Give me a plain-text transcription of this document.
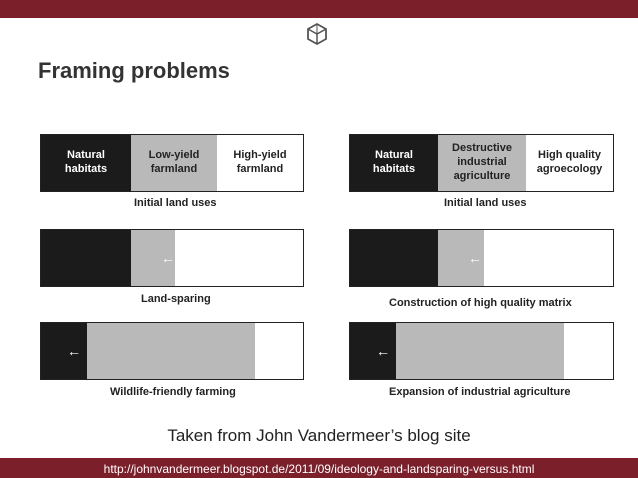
Framing problems
Natural
habitats
Low-yield
farmland
High-yield
farmland
Initial land uses
←
Land-sparing
←
Wildlife-friendly farming
Natural
habitats
Destructive
industrial
agriculture
High quality
agroecology
Initial land uses
←
Construction of high quality matrix
←
Expansion of industrial agriculture
Taken from John Vandermeer’s blog site
http://johnvandermeer.blogspot.de/2011/09/ideology-and-landsparing-versus.html
